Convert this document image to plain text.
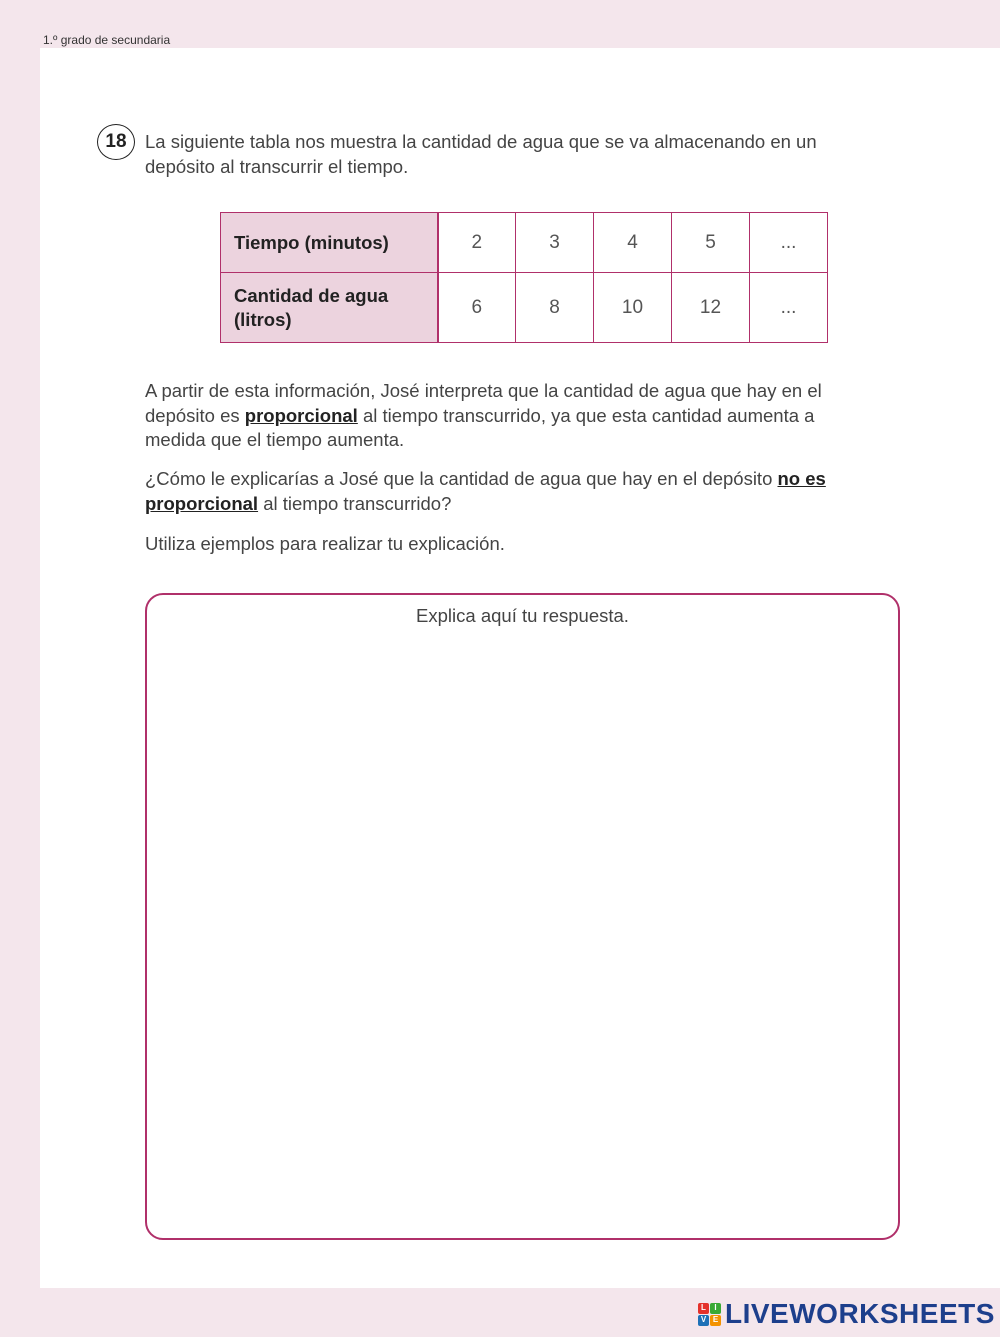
1.º grado de secundaria
18 La siguiente tabla nos muestra la cantidad de agua que se va almacenando en un depósito al transcurrir el tiempo.

Tiempo (minutos)	2	3	4	5	...
Cantidad de agua (litros)	6	8	10	12	...

A partir de esta información, José interpreta que la cantidad de agua que hay en el depósito es proporcional al tiempo transcurrido, ya que esta cantidad aumenta a medida que el tiempo aumenta.

¿Cómo le explicarías a José que la cantidad de agua que hay en el depósito no es proporcional al tiempo transcurrido?

Utiliza ejemplos para realizar tu explicación.

Explica aquí tu respuesta.
L	I
V E LIVEWORKSHEETS
